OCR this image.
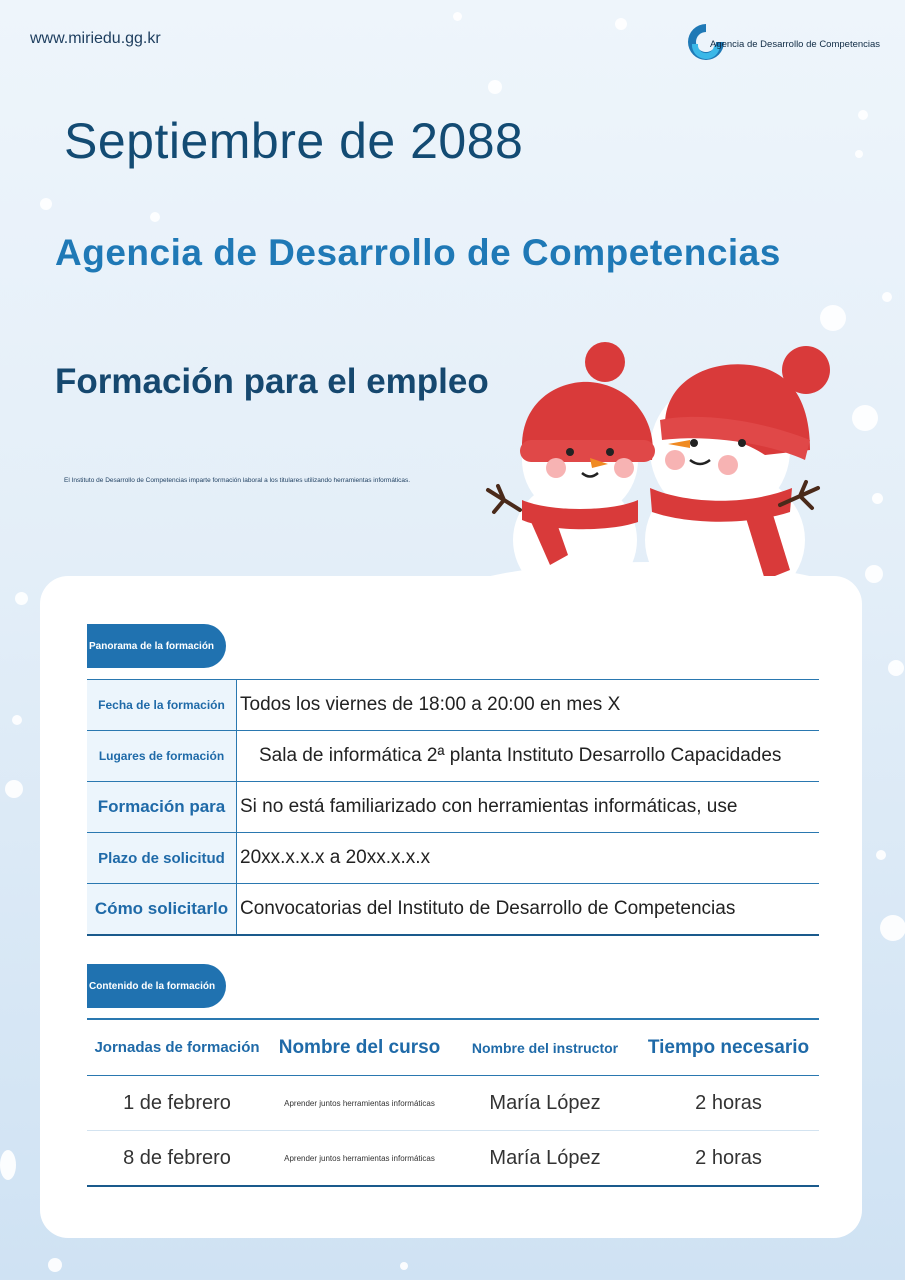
www.miriedu.gg.kr	Agencia de Desarrollo de Competencias
Septiembre de 2088
Agencia de Desarrollo de Competencias
Formación para el empleo
El Instituto de Desarrollo de Competencias imparte formación laboral a los titulares utilizando herramientas informáticas.
Panorama de la formación
Fecha de la formación	Todos los viernes de 18:00 a 20:00 en mes X
Lugares de formación	Sala de informática 2ª planta Instituto Desarrollo Capacidades
Formación para	Si no está familiarizado con herramientas informáticas, use
Plazo de solicitud	20xx.x.x.x a 20xx.x.x.x
Cómo solicitarlo	Convocatorias del Instituto de Desarrollo de Competencias
Contenido de la formación
Jornadas de formación	Nombre del curso	Nombre del instructor	Tiempo necesario
1 de febrero	Aprender juntos herramientas informáticas	María López	2 horas
8 de febrero	Aprender juntos herramientas informáticas	María López	2 horas
